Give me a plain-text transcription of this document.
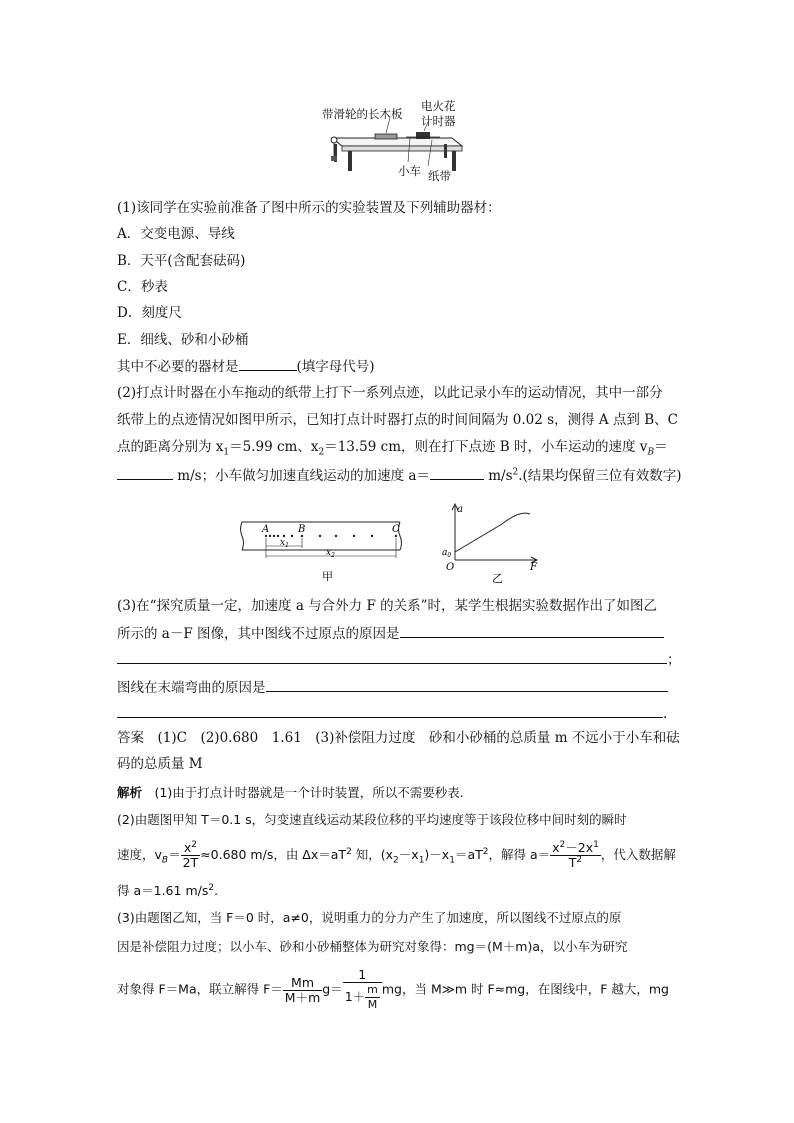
带滑轮的长木板
电火花
计时器
小车 纸带
(1)该同学在实验前准备了图中所示的实验装置及下列辅助器材：
A．交变电源、导线
B．天平(含配套砝码)
C．秒表
D．刻度尺
E．细线、砂和小砂桶
其中不必要的器材是	(填字母代号)
(2)打点计时器在小车拖动的纸带上打下一系列点迹，以此记录小车的运动情况，其中一部分
纸带上的点迹情况如图甲所示，已知打点计时器打点的时间间隔为 0.02 s，测得 A 点到 B、C
点的距离分别为 $x_1=5.99$ cm、$x_2=13.59$ cm，则在打下点迹 B 时，小车运动的速度 $v_B=$
m/s；小车做匀加速直线运动的加速度 a＝	$m/s^2$.(结果均保留三位有效数字)
A	B	C
$x_1$
$x_2$
甲
a
F
O
$a_0$
乙
(3)在“探究质量一定，加速度 a 与合外力 F 的关系”时，某学生根据实验数据作出了如图乙
所示的 a－F 图像，其中图线不过原点的原因是
；
图线在末端弯曲的原因是
.
答案　(1)C　(2)0.680　1.61　(3)补偿阻力过度　砂和小砂桶的总质量 m 不远小于小车和砝
码的总质量 M
解析　(1)由于打点计时器就是一个计时装置，所以不需要秒表.
(2)由题图甲知 T＝0.1 s，匀变速直线运动某段位移的平均速度等于该段位移中间时刻的瞬时
速度，$v_B= \frac{x^2}{2T} \approx 0.680$ m/s，由 $\Delta x=aT^2$ 知，$(x_2-x_1)-x_1=aT^2$，解得 $a= \frac{x^2-2x^1}{T^2}$ ，代入数据解
得 a＝1.61 $m/s^2$.
(3)由题图乙知，当 F＝0 时，a≠0，说明重力的分力产生了加速度，所以图线不过原点的原
因是补偿阻力过度；以小车、砂和小砂桶整体为研究对象得：mg＝(M＋m)a，以小车为研究
对象得 F＝Ma，联立解得 $F= \frac{Mm}{M+m} g= \frac{1}{1+ \frac{m}{M}}$ mg，当 M≫m 时 F≈mg，在图线中，F 越大，mg
